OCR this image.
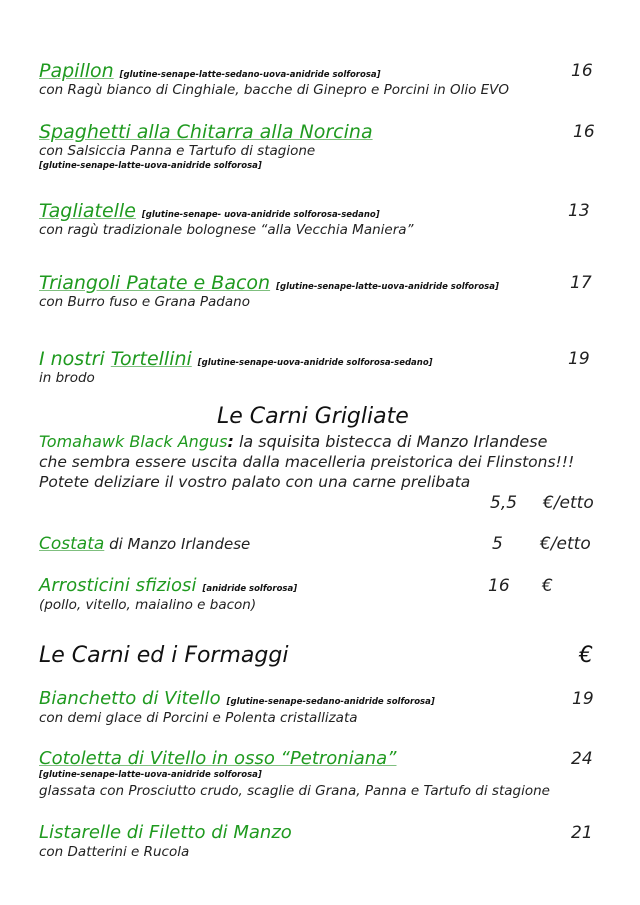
Papillon [glutine-senape-latte-sedano-uova-anidride solforosa]
con Ragù bianco di Cinghiale, bacche di Ginepro e Porcini in Olio EVO
16
Spaghetti alla Chitarra alla Norcina
con Salsiccia Panna e Tartufo di stagione
[glutine-senape-latte-uova-anidride solforosa]
16
Tagliatelle [glutine-senape- uova-anidride solforosa-sedano]
con ragù tradizionale bolognese “alla Vecchia Maniera”
13
Triangoli Patate e Bacon [glutine-senape-latte-uova-anidride solforosa]
con Burro fuso e Grana Padano
17
I nostri Tortellini [glutine-senape-uova-anidride solforosa-sedano]
in brodo
19
Le Carni Grigliate
Tomahawk Black Angus: la squisita bistecca di Manzo Irlandese
che sembra essere uscita dalla macelleria preistorica dei Flinstons!!!
Potete deliziare il vostro palato con una carne prelibata
5,5 €/etto
Costata di Manzo Irlandese	5 €/etto
Arrosticini sfiziosi [anidride solforosa]
(pollo, vitello, maialino e bacon)
16 €
Le Carni ed i Formaggi	€
Bianchetto di Vitello [glutine-senape-sedano-anidride solforosa]
con demi glace di Porcini e Polenta cristallizata
19
Cotoletta di Vitello in osso “Petroniana”
[glutine-senape-latte-uova-anidride solforosa]
glassata con Prosciutto crudo, scaglie di Grana, Panna e Tartufo di stagione
24
Listarelle di Filetto di Manzo
con Datterini e Rucola
21
